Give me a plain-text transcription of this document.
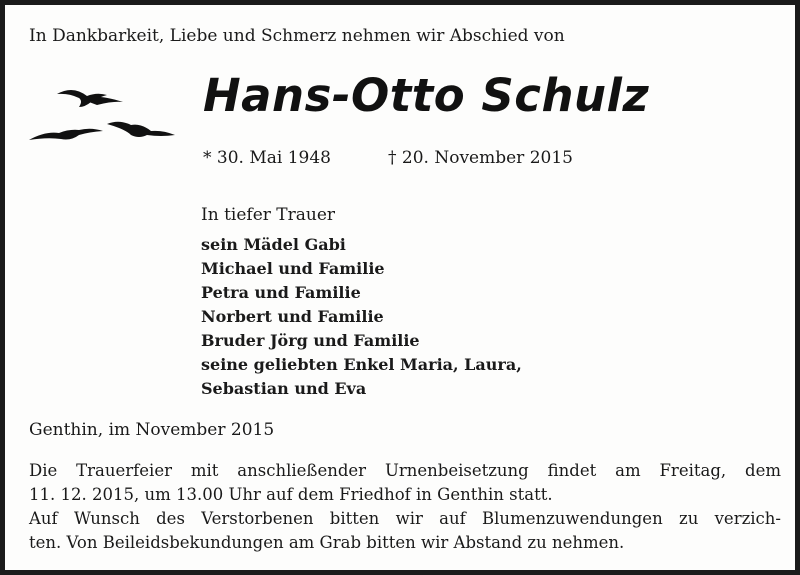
In Dankbarkeit, Liebe und Schmerz nehmen wir Abschied von
Hans-Otto Schulz
* 30. Mai 1948	† 20. November 2015
In tiefer Trauer
sein Mädel Gabi
Michael und Familie
Petra und Familie
Norbert und Familie
Bruder Jörg und Familie
seine geliebten Enkel Maria, Laura,
Sebastian und Eva
Genthin, im November 2015
Die Trauerfeier mit anschließender Urnenbeisetzung findet am Freitag, dem
11. 12. 2015, um 13.00 Uhr auf dem Friedhof in Genthin statt.
Auf Wunsch des Verstorbenen bitten wir auf Blumenzuwendungen zu verzich-
ten. Von Beileidsbekundungen am Grab bitten wir Abstand zu nehmen.
